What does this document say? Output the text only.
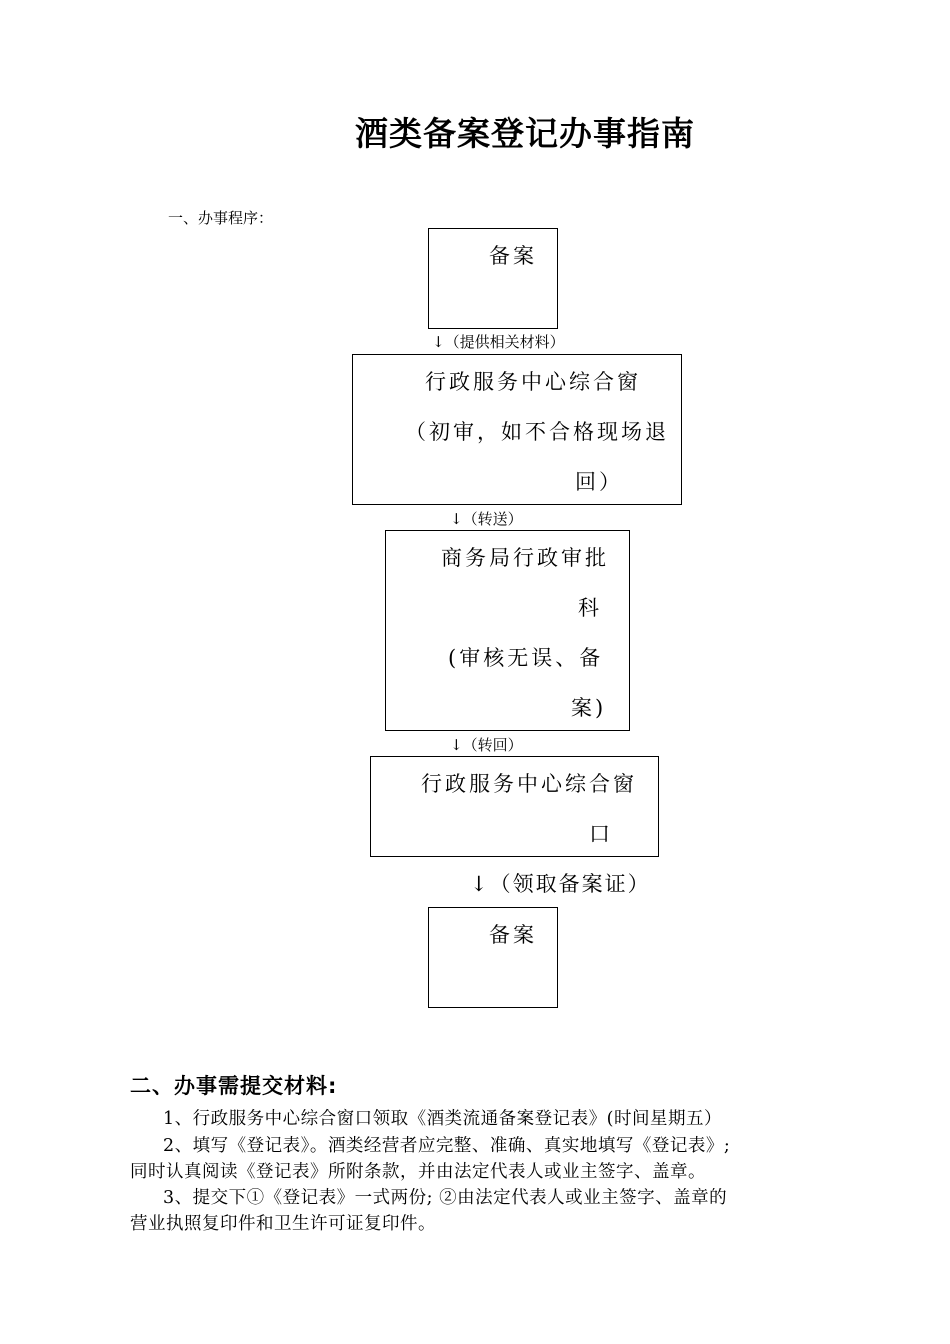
酒类备案登记办事指南
一、办事程序：
备案
↓（提供相关材料）
行政服务中心综合窗
（初审，如不合格现场退
回）
↓（转送）
商务局行政审批
科
(审核无误、备
案)
↓（转回）
行政服务中心综合窗
口
↓（领取备案证）
备案
二、办事需提交材料:
1、行政服务中心综合窗口领取《酒类流通备案登记表》(时间星期五）
2、填写《登记表》。酒类经营者应完整、准确、真实地填写《登记表》;
同时认真阅读《登记表》所附条款，并由法定代表人或业主签字、盖章。
3、提交下①《登记表》一式两份; ②由法定代表人或业主签字、盖章的
营业执照复印件和卫生许可证复印件。
